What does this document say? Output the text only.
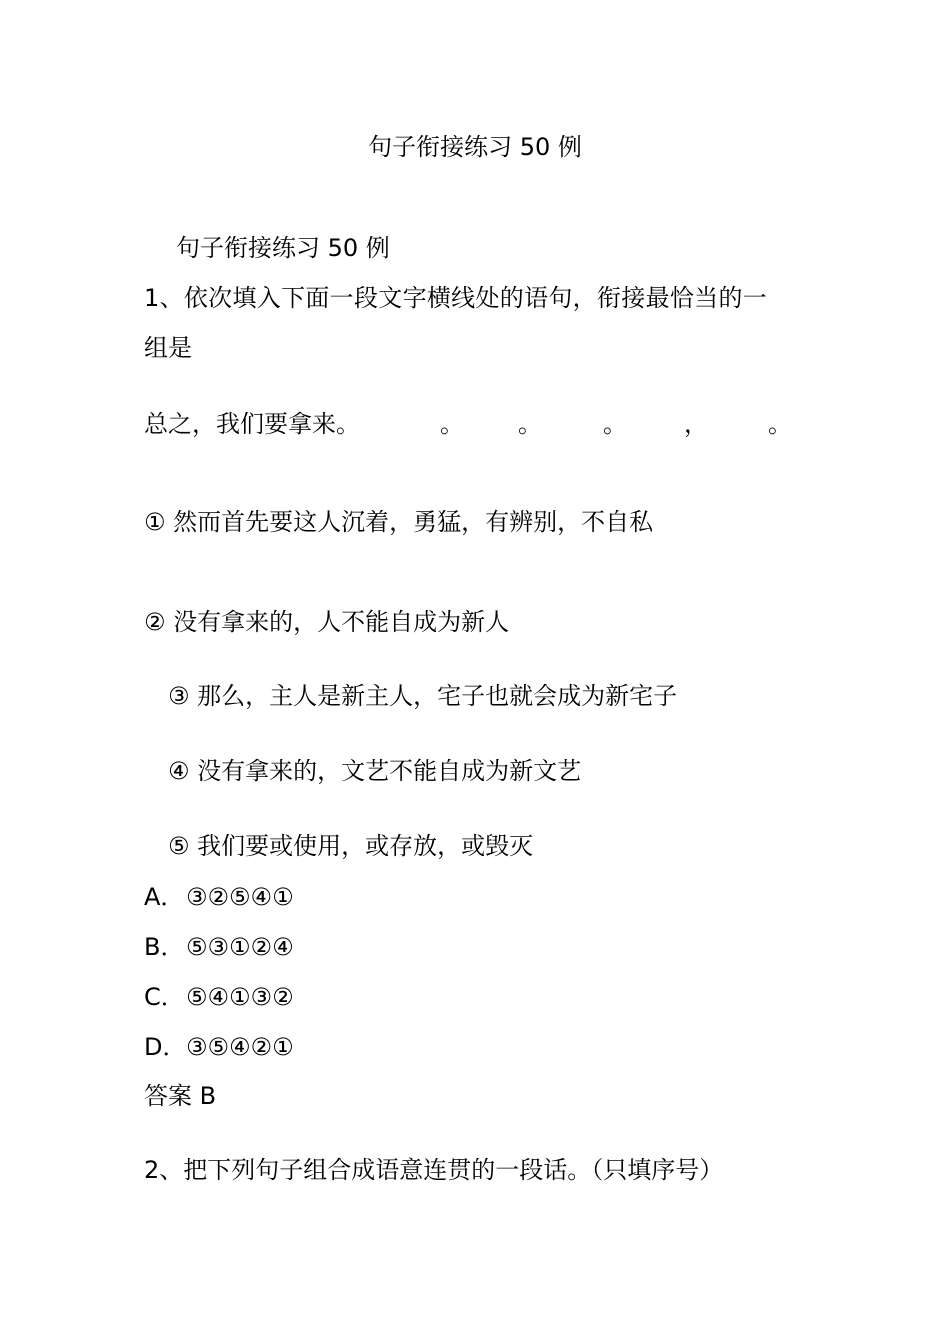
句子衔接练习 50 例
句子衔接练习 50 例
1、依次填入下面一段文字横线处的语句，衔接最恰当的一
组是
总之，我们要拿来。	。 。	。 ，	。
① 然而首先要这人沉着，勇猛，有辨别，不自私
② 没有拿来的，人不能自成为新人
③ 那么，主人是新主人，宅子也就会成为新宅子
④ 没有拿来的，文艺不能自成为新文艺
⑤ 我们要或使用，或存放，或毁灭
A．③②⑤④①
B．⑤③①②④
C．⑤④①③②
D．③⑤④②①
答案 B
2、把下列句子组合成语意连贯的一段话。（只填序号）
